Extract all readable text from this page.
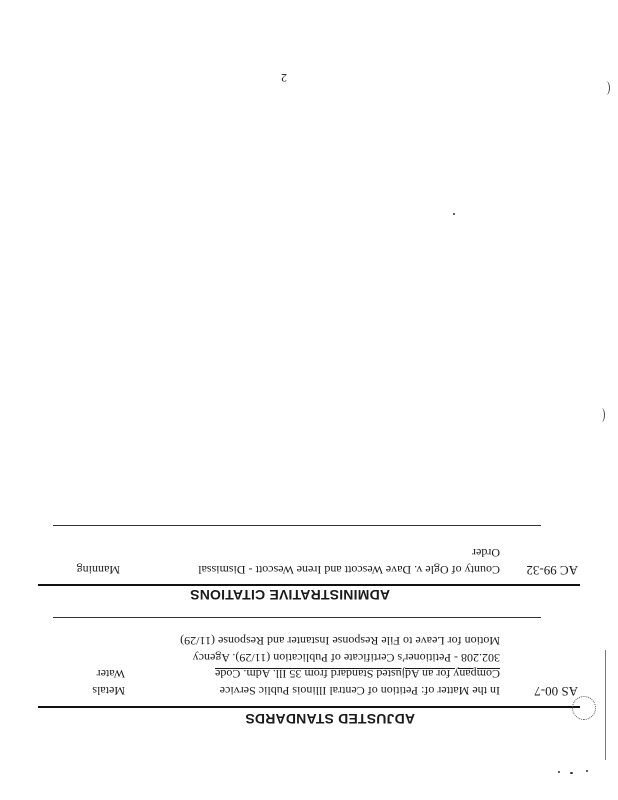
ADJUSTED STANDARDS
AS 00-7
In the Matter of: Petition of Central Illinois Public Service
Company for an Adjusted Standard from 35 Ill. Adm. Code
302.208 - Petitioner's Certificate of Publication (11/29). Agency
Motion for Leave to File Response Instanter and Response (11/29)
Metals
Water
ADMINISTRATIVE CITATIONS
AC 99-32
County of Ogle v. Dave Wescott and Irene Wescott - Dismissal
Order
Manning
2
